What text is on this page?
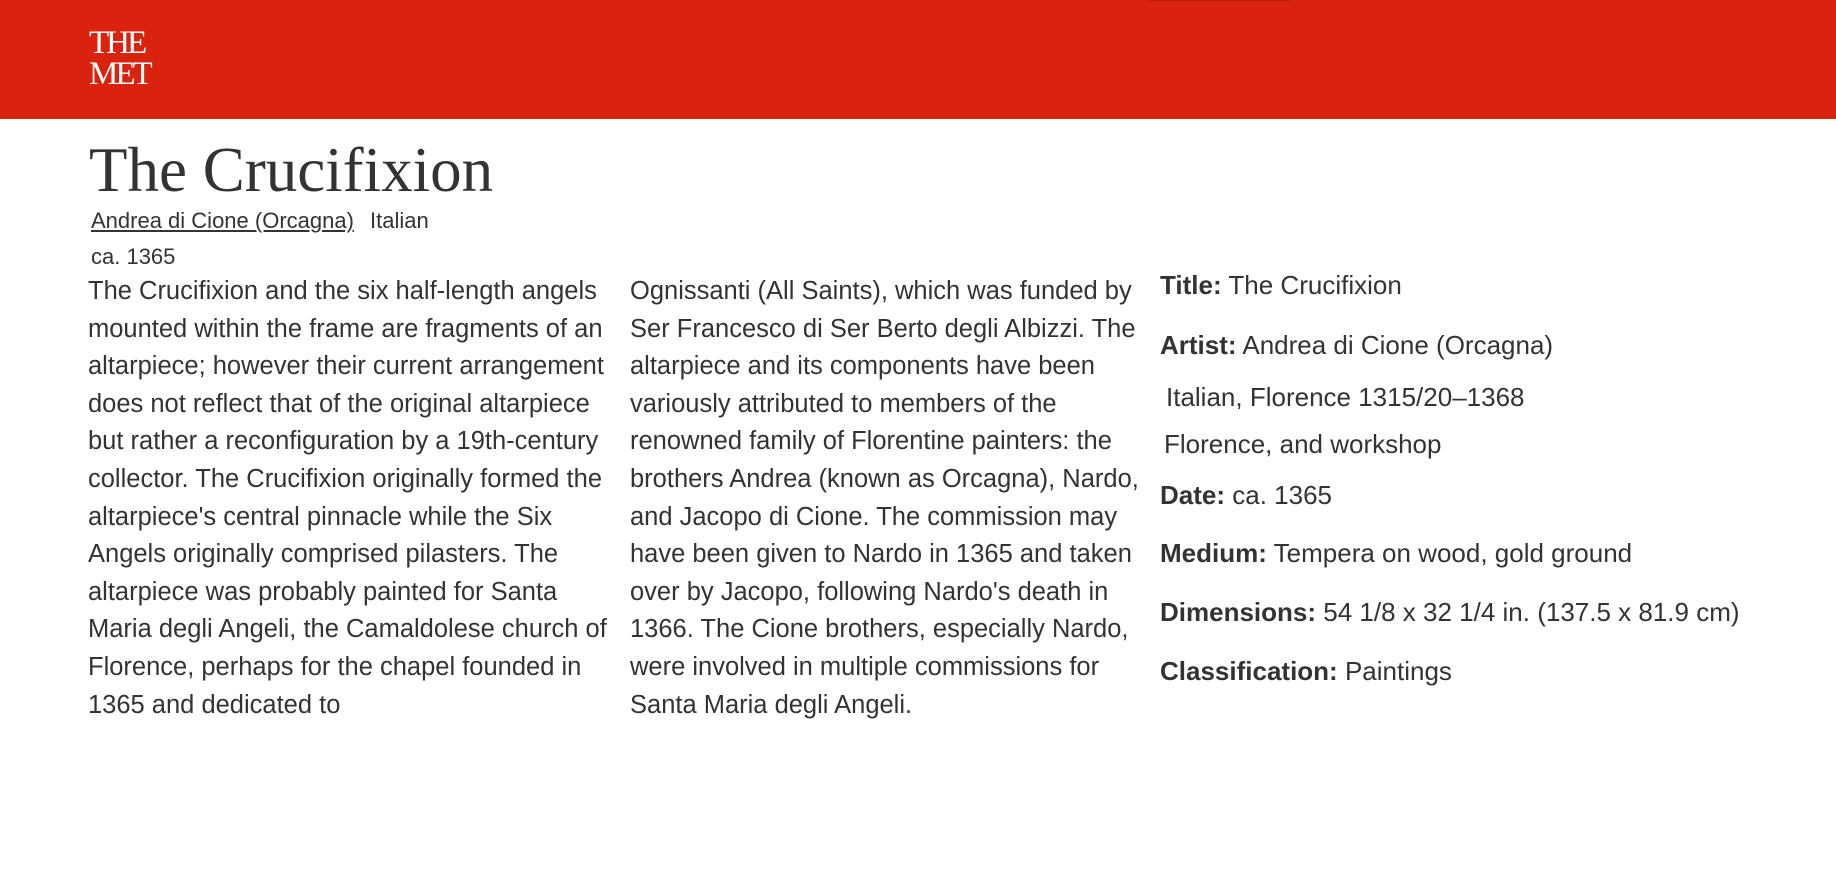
THE
MET
The Crucifixion
Andrea di Cione (Orcagna) Italian
ca. 1365

The Crucifixion and the six half-length angels mounted within the frame are fragments of an altarpiece; however their current arrangement does not reflect that of the original altarpiece but rather a reconfiguration by a 19th-century collector. The Crucifixion originally formed the altarpiece's central pinnacle while the Six Angels originally comprised pilasters. The altarpiece was probably painted for Santa Maria degli Angeli, the Camaldolese church of Florence, perhaps for the chapel founded in 1365 and dedicated to

Ognissanti (All Saints), which was funded by Ser Francesco di Ser Berto degli Albizzi. The altarpiece and its components have been variously attributed to members of the renowned family of Florentine painters: the brothers Andrea (known as Orcagna), Nardo, and Jacopo di Cione. The commission may have been given to Nardo in 1365 and taken over by Jacopo, following Nardo's death in 1366. The Cione brothers, especially Nardo, were involved in multiple commissions for Santa Maria degli Angeli.

Title: The Crucifixion
Artist: Andrea di Cione (Orcagna)
Italian, Florence 1315/20–1368
Florence, and workshop
Date: ca. 1365
Medium: Tempera on wood, gold ground
Dimensions: 54 1/8 x 32 1/4 in. (137.5 x 81.9 cm)
Classification: Paintings
